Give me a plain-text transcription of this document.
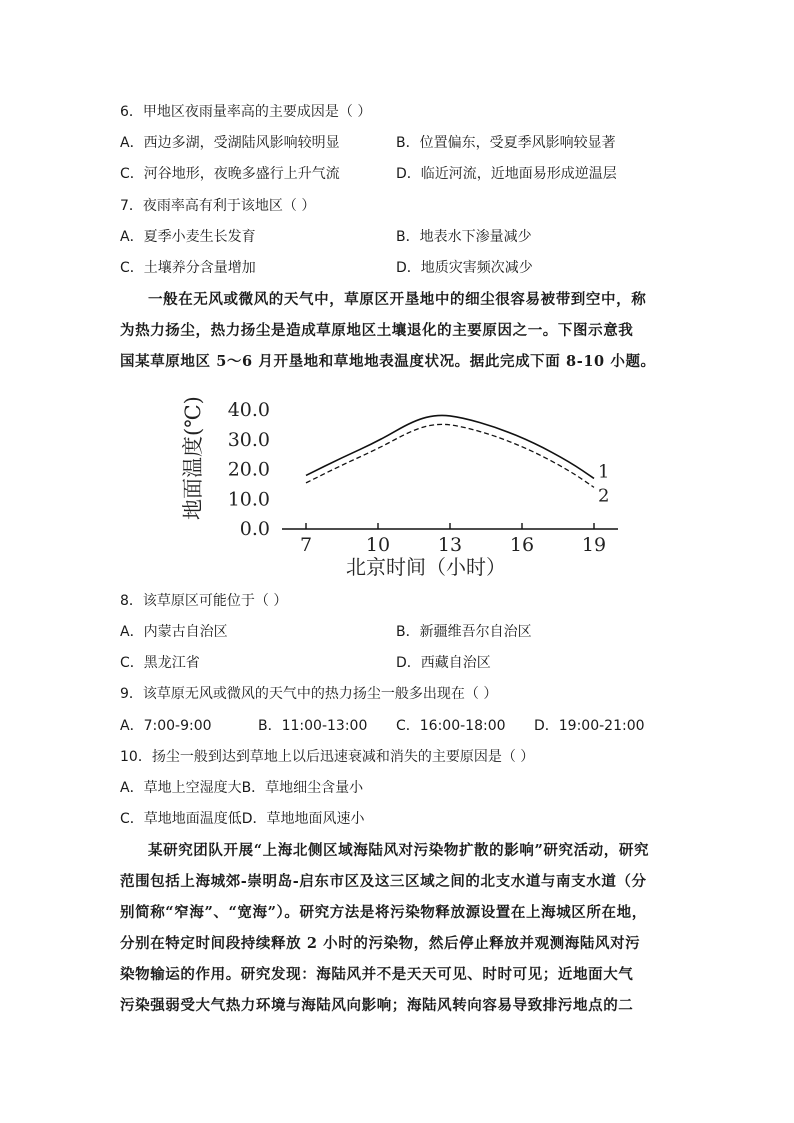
6．甲地区夜雨量率高的主要成因是（ ）
A．西边多湖，受湖陆风影响较明显	B．位置偏东，受夏季风影响较显著
C．河谷地形，夜晚多盛行上升气流	D．临近河流，近地面易形成逆温层
7．夜雨率高有利于该地区（ ）
A．夏季小麦生长发育	B．地表水下渗量减少
C．土壤养分含量增加	D．地质灾害频次减少
一般在无风或微风的天气中，草原区开垦地中的细尘很容易被带到空中，称
为热力扬尘，热力扬尘是造成草原地区土壤退化的主要原因之一。下图示意我
国某草原地区 5～6 月开垦地和草地地表温度状况。据此完成下面 8-10 小题。
7	10	13	16	19
0.0
10.0
20.0
30.0
40.0
1
2
地面温度(℃)
北京时间（小时）
8．该草原区可能位于（ ）
A．内蒙古自治区	B．新疆维吾尔自治区
C．黑龙江省	D．西藏自治区
9．该草原无风或微风的天气中的热力扬尘一般多出现在（ ）
A．7:00-9:00	B．11:00-13:00 C．16:00-18:00 D．19:00-21:00
10．扬尘一般到达到草地上以后迅速衰减和消失的主要原因是（ ）
A．草地上空湿度大B．草地细尘含量小
C．草地地面温度低D．草地地面风速小
某研究团队开展“上海北侧区域海陆风对污染物扩散的影响”研究活动，研究
范围包括上海城郊-崇明岛-启东市区及这三区域之间的北支水道与南支水道（分
别简称“窄海”、“宽海”）。研究方法是将污染物释放源设置在上海城区所在地，
分别在特定时间段持续释放 2 小时的污染物，然后停止释放并观测海陆风对污
染物输运的作用。研究发现：海陆风并不是天天可见、时时可见；近地面大气
污染强弱受大气热力环境与海陆风向影响；海陆风转向容易导致排污地点的二
